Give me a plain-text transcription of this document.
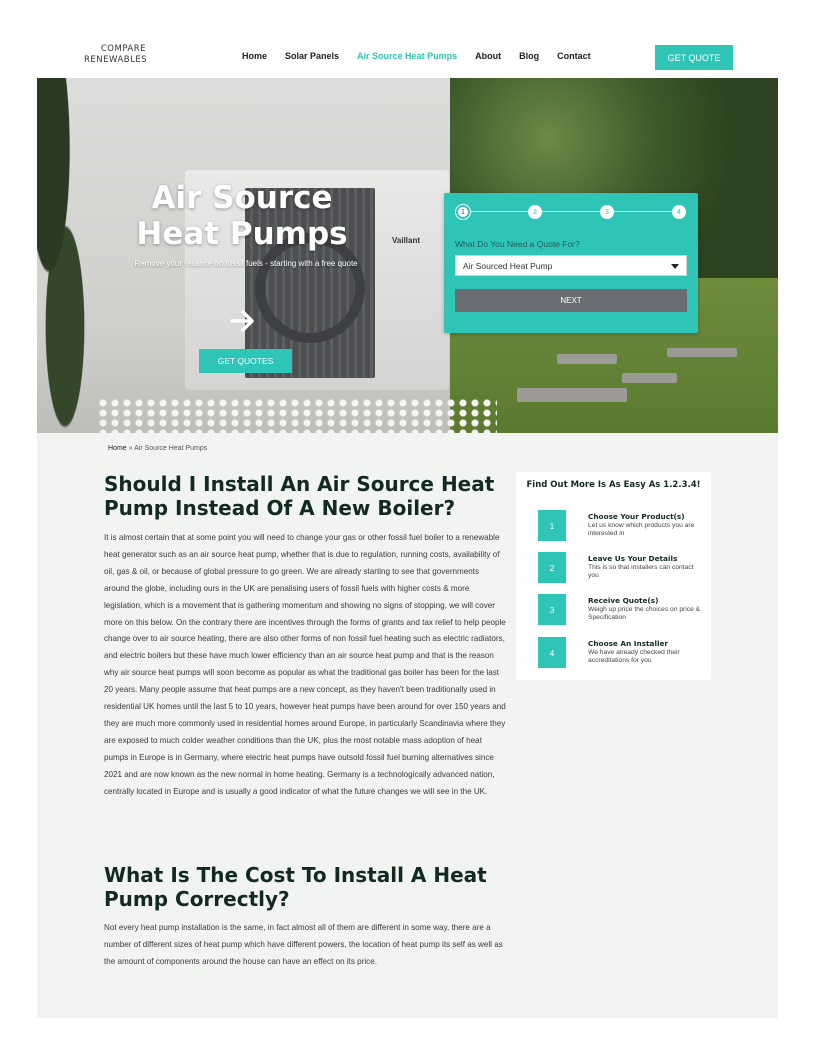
COMPARE
RENEWABLES	Home Solar Panels Air Source Heat Pumps About Blog Contact	GET QUOTE
Vaillant
Air Source Heat Pumps

Remove your reliance on fossil fuels - starting with a free quote

GET QUOTES
1	2	3	4
What Do You Need a Quote For?
Air Sourced Heat Pump
NEXT
Home » Air Source Heat Pumps
Should I Install An Air Source Heat Pump Instead Of A New Boiler?

It is almost certain that at some point you will need to change your gas or other fossil fuel boiler to a renewable heat generator such as an air source heat pump, whether that is due to regulation, running costs, availability of oil, gas & oil, or because of global pressure to go green. We are already starting to see that governments around the globe, including ours in the UK are penalising users of fossil fuels with higher costs & more legislation, which is a movement that is gathering momentum and showing no signs of stopping, we will cover more on this below. On the contrary there are incentives through the forms of grants and tax relief to help people change over to air source heating, there are also other forms of non fossil fuel heating such as electric radiators, and electric boilers but these have much lower efficiency than an air source heat pump and that is the reason why air source heat pumps will soon become as popular as what the traditional gas boiler has been for the last 20 years. Many people assume that heat pumps are a new concept, as they haven't been traditionally used in residential UK homes until the last 5 to 10 years, however heat pumps have been around for over 150 years and they are much more commonly used in residential homes around Europe, in particularly Scandinavia where they are exposed to much colder weather conditions than the UK, plus the most notable mass adoption of heat pumps in Europe is in Germany, where electric heat pumps have outsold fossil fuel burning alternatives since 2021 and are now known as the new normal in home heating. Germany is a technologically advanced nation, centrally located in Europe and is usually a good indicator of what the future changes we will see in the UK.

What Is The Cost To Install A Heat Pump Correctly?

Not every heat pump installation is the same, in fact almost all of them are different in some way, there are a number of different sizes of heat pump which have different powers, the location of heat pump its self as well as the amount of components around the house can have an effect on its price.

Find Out More Is As Easy As 1.2.3.4!
1
Choose Your Product(s)
Let us know which products you are interested in
2
Leave Us Your Details
This is so that installers can contact you
3
Receive Quote(s)
Weigh up price the choices on price & Specification
4
Choose An Installer
We have already checked their accreditations for you
